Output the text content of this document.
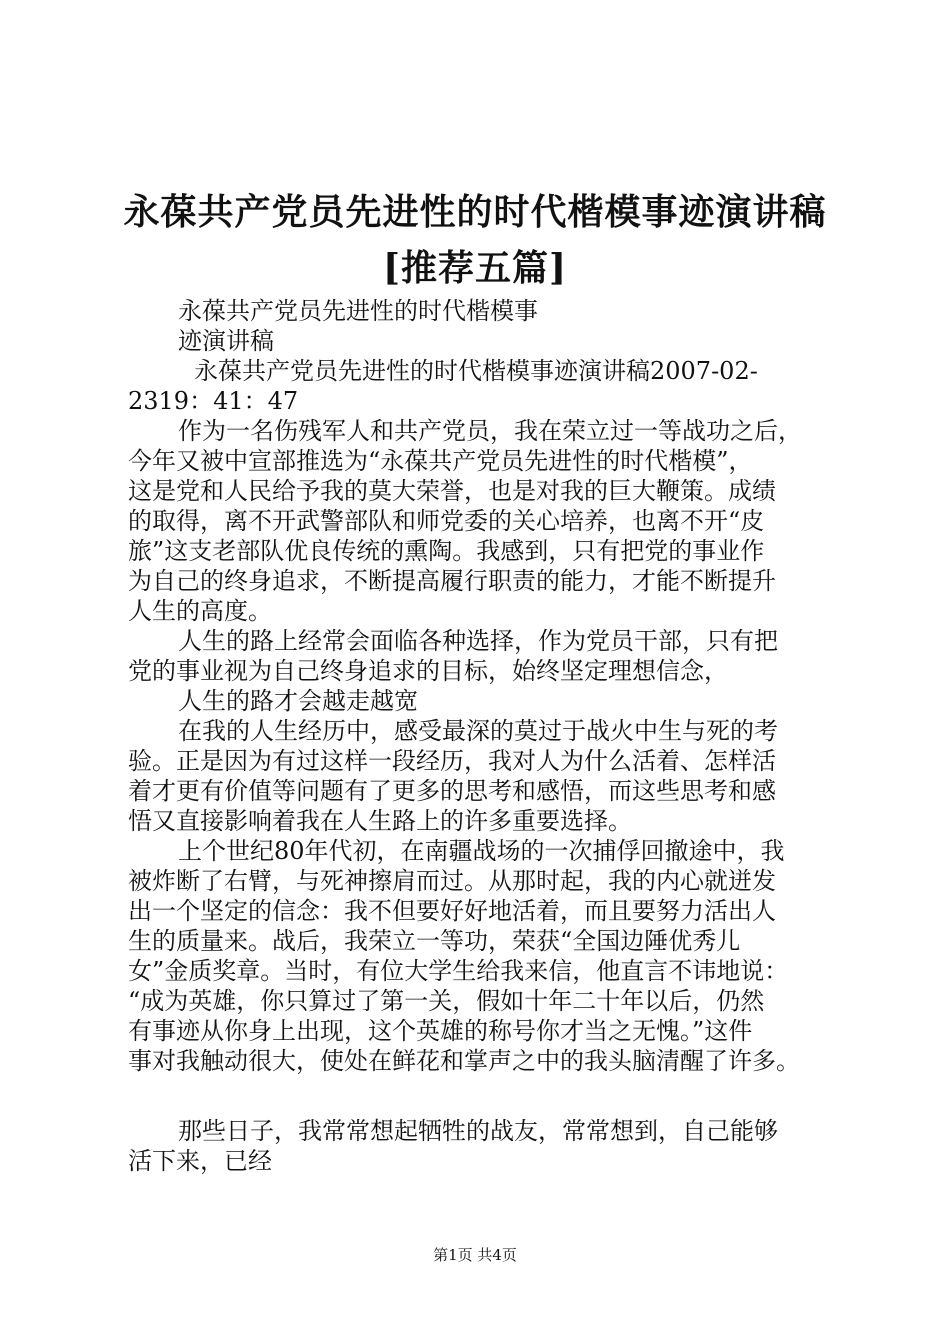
永葆共产党员先进性的时代楷模事迹演讲稿
[推荐五篇]
永葆共产党员先进性的时代楷模事
迹演讲稿
永葆共产党员先进性的时代楷模事迹演讲稿2007-02-
2319：41：47
作为一名伤残军人和共产党员，我在荣立过一等战功之后，
今年又被中宣部推选为“永葆共产党员先进性的时代楷模”，
这是党和人民给予我的莫大荣誉，也是对我的巨大鞭策。成绩
的取得，离不开武警部队和师党委的关心培养，也离不开“皮
旅”这支老部队优良传统的熏陶。我感到，只有把党的事业作
为自己的终身追求，不断提高履行职责的能力，才能不断提升
人生的高度。
人生的路上经常会面临各种选择，作为党员干部，只有把
党的事业视为自己终身追求的目标，始终坚定理想信念，
人生的路才会越走越宽
在我的人生经历中，感受最深的莫过于战火中生与死的考
验。正是因为有过这样一段经历，我对人为什么活着、怎样活
着才更有价值等问题有了更多的思考和感悟，而这些思考和感
悟又直接影响着我在人生路上的许多重要选择。
上个世纪80年代初，在南疆战场的一次捕俘回撤途中，我
被炸断了右臂，与死神擦肩而过。从那时起，我的内心就迸发
出一个坚定的信念：我不但要好好地活着，而且要努力活出人
生的质量来。战后，我荣立一等功，荣获“全国边陲优秀儿
女”金质奖章。当时，有位大学生给我来信，他直言不讳地说：
“成为英雄，你只算过了第一关，假如十年二十年以后，仍然
有事迹从你身上出现，这个英雄的称号你才当之无愧。”这件
事对我触动很大，使处在鲜花和掌声之中的我头脑清醒了许多。
那些日子，我常常想起牺牲的战友，常常想到，自己能够
活下来，已经
第1页 共4页
